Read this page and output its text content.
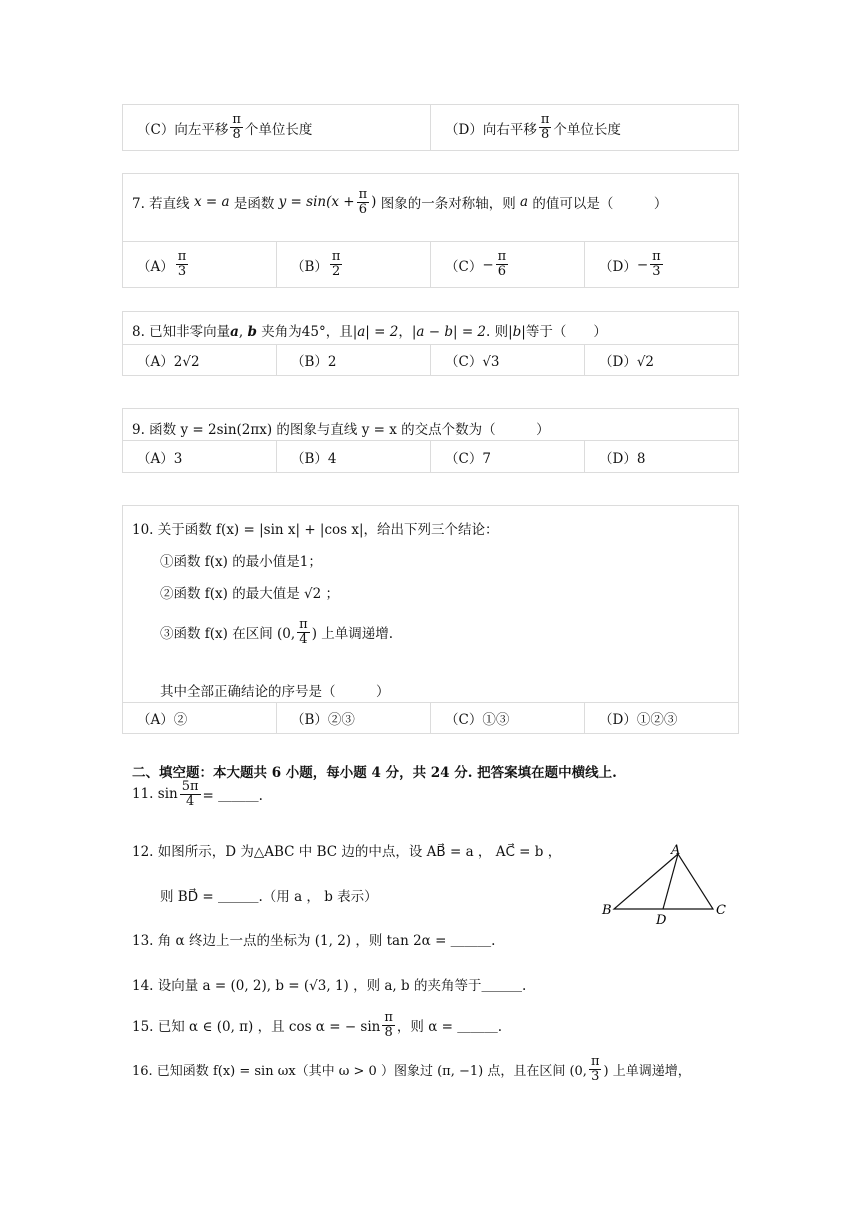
（C）向左平移 $\frac{\pi}{8}$ 个单位长度	（D）向右平移 $\frac{\pi}{8}$ 个单位长度
7. 若直线
x = a
是函数
$y = \sin(x + \frac{\pi}{6}$ )
图象的一条对称轴，则
a
的值可以是（　　　）
$(A) \frac{\pi}{3}$	$(B) \frac{\pi}{2}$	$(C) - \frac{\pi}{6}$	$(D) - \frac{\pi}{3}$
8. 已知非零向量a, b 夹角为45°，且|a| = 2，|a − b| = 2. 则|b|等于（　　）
（A）2√2	（B）2	（C）√3	（D）√2
9. 函数 y = 2sin(2πx) 的图象与直线 y = x 的交点个数为（　　　）
（A）3	（B）4	（C）7	（D）8
10. 关于函数 f(x) = |sin x| + |cos x|，给出下列三个结论：
①函数 f(x) 的最小值是1；
②函数 f(x) 的最大值是 √2 ；
③函数 f(x) 在区间 (0, $\frac{\pi}{4}$ ) 上单调递增.
其中全部正确结论的序号是（　　　）
（A）②	（B）②③	（C）①③	（D）①②③
二、填空题：本大题共 6 小题，每小题 4 分，共 24 分. 把答案填在题中横线上.
11. $\sin \frac{5\pi}{4}$ = ＿＿＿.
12. 如图所示，D 为△ABC 中 BC 边的中点，设 AB⃗ = a ， AC⃗ = b ，
则 BD⃗ = ＿＿＿.（用 a ， b 表示）
A
B	C
D
13. 角 α 终边上一点的坐标为 (1, 2) ，则 tan 2α = ＿＿＿.
14. 设向量 a = (0, 2), b = (√3, 1) ，则 a, b 的夹角等于＿＿＿.
15. 已知 α ∈ (0, π) ，且 cos α = − $\sin \frac{\pi}{8}$ ，则 α = ＿＿＿.
16. 已知函数 f(x) = sin ωx（其中 ω > 0 ）图象过 (π, −1) 点，且在区间 (0, $\frac{\pi}{3}$ ) 上单调递增，
